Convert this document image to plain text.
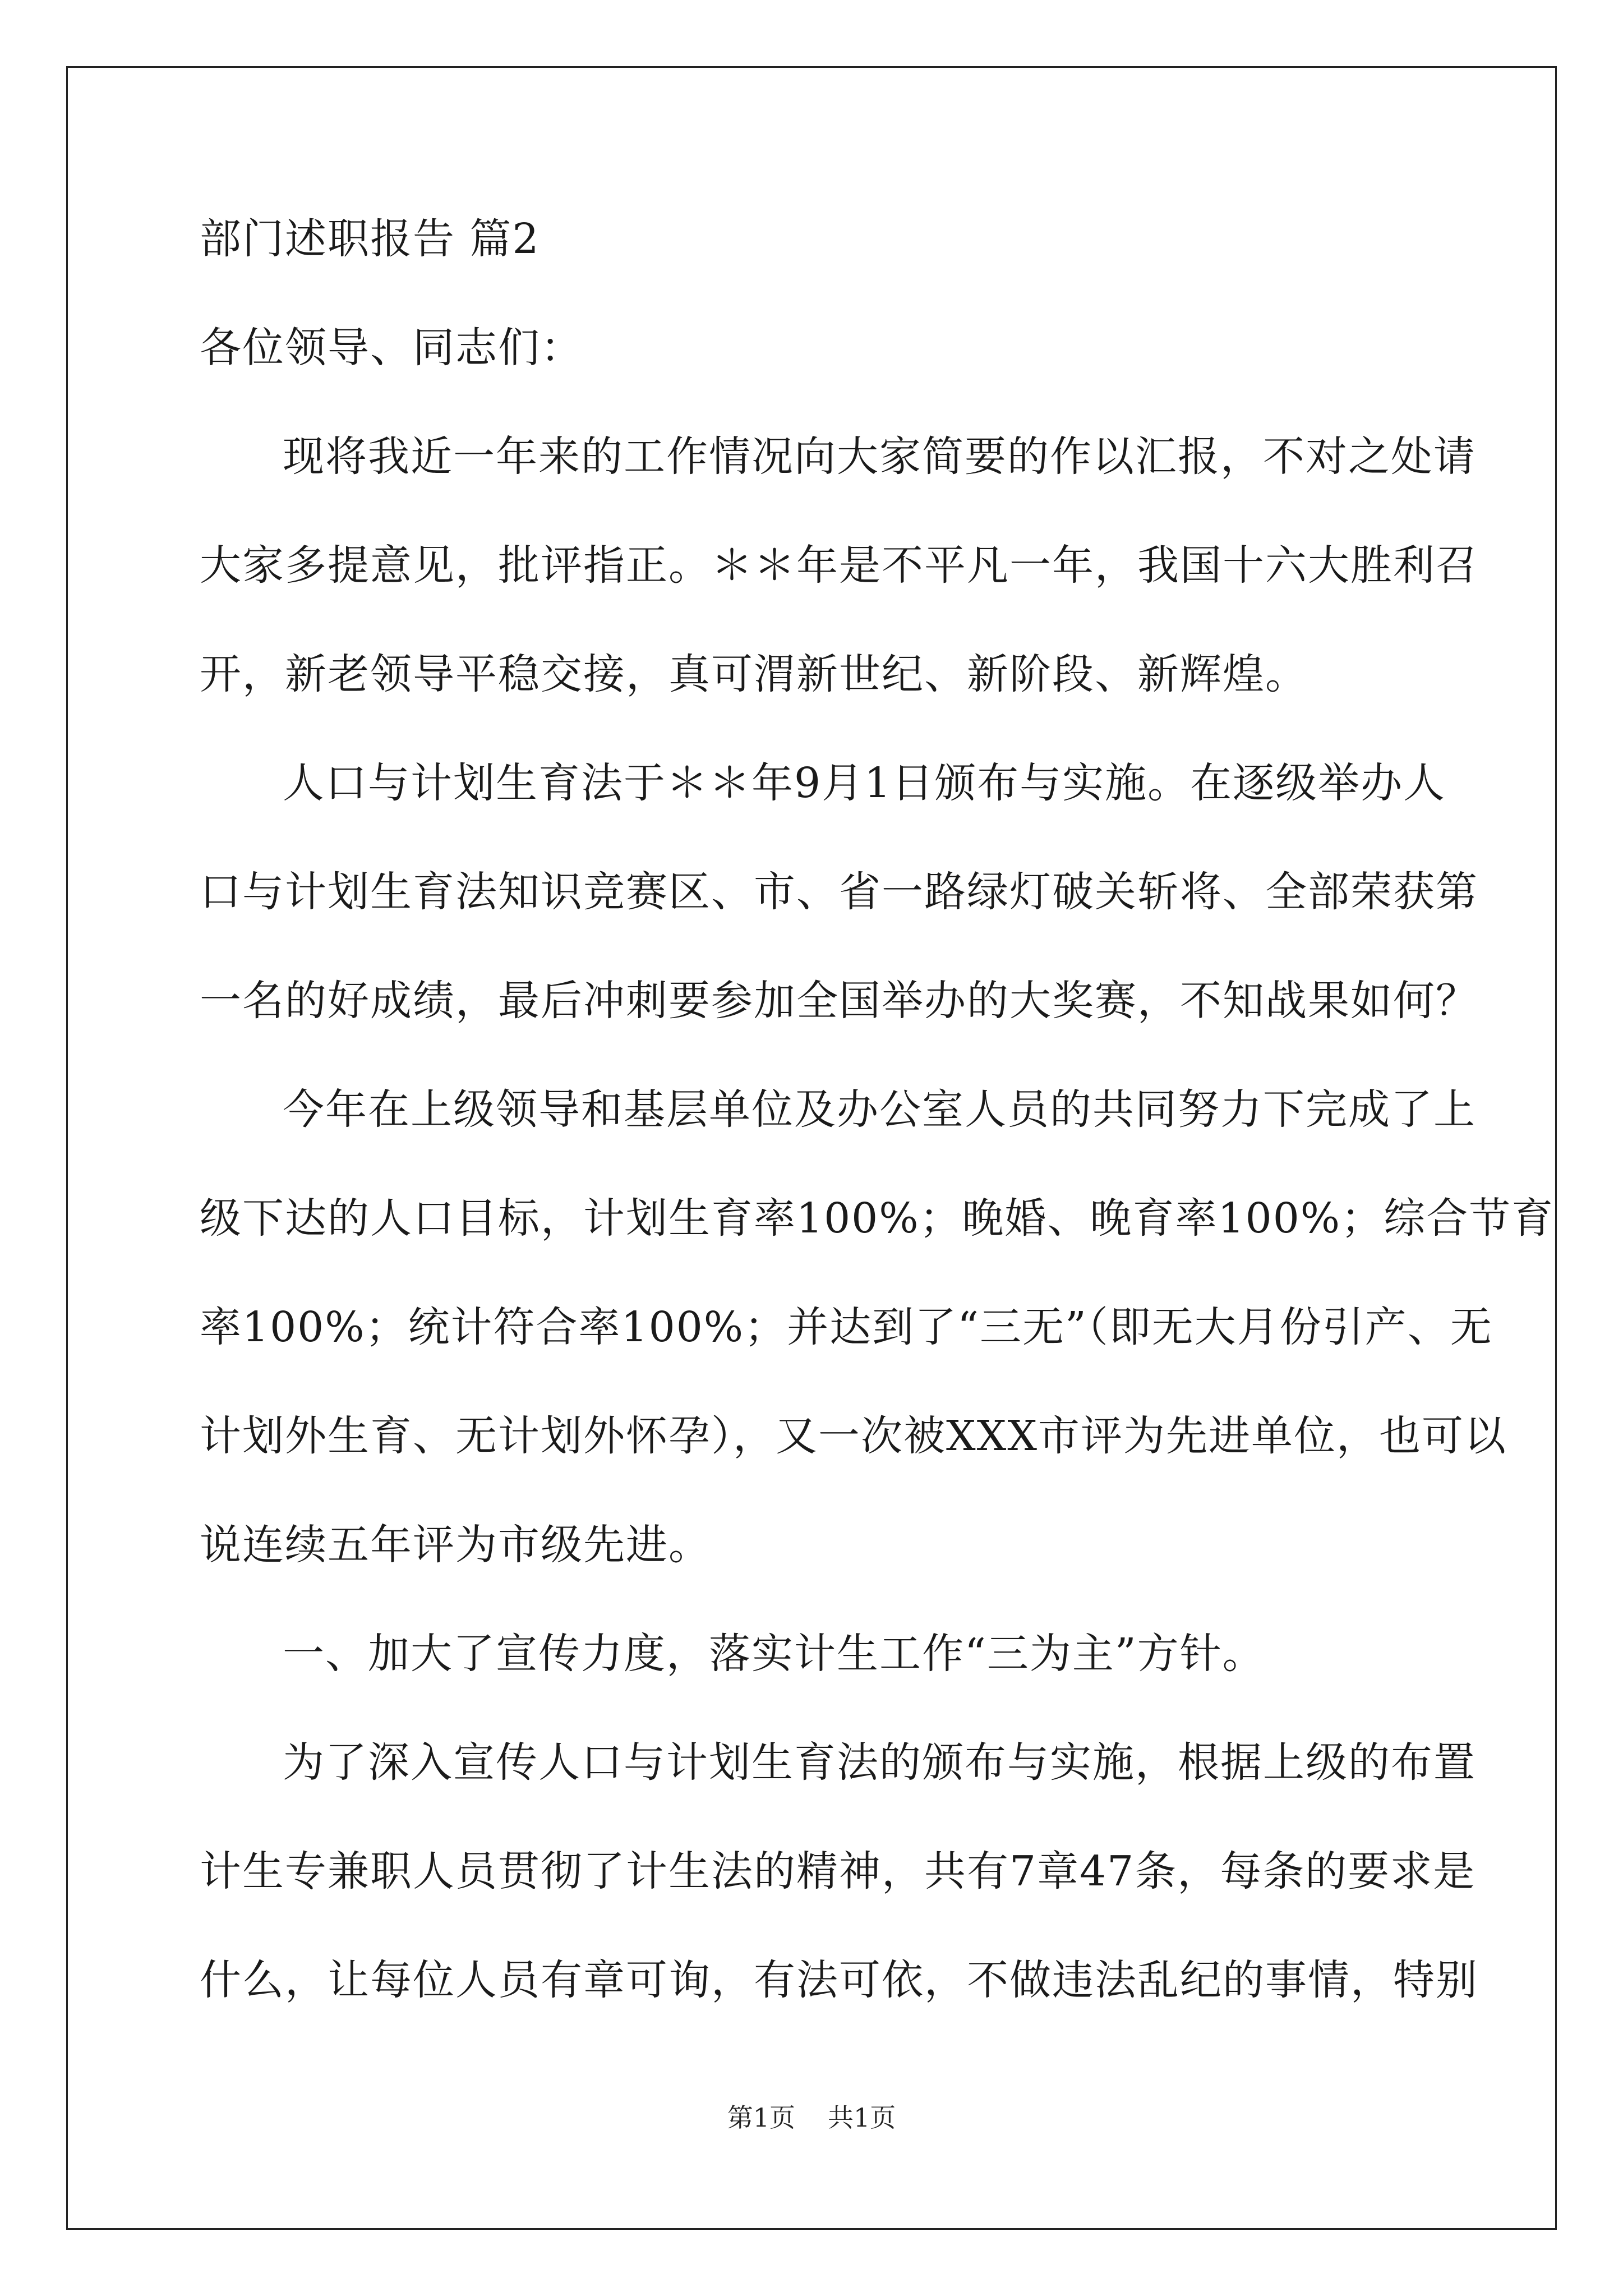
部门述职报告 篇2
各位领导、同志们：
现将我近一年来的工作情况向大家简要的作以汇报，不对之处请
大家多提意见，批评指正。＊＊年是不平凡一年，我国十六大胜利召
开，新老领导平稳交接，真可渭新世纪、新阶段、新辉煌。
人口与计划生育法于＊＊年9月1日颁布与实施。在逐级举办人
口与计划生育法知识竞赛区、市、省一路绿灯破关斩将、全部荣获第
一名的好成绩，最后冲刺要参加全国举办的大奖赛，不知战果如何？
今年在上级领导和基层单位及办公室人员的共同努力下完成了上
级下达的人口目标，计划生育率100%；晚婚、晚育率100%；综合节育
率100%；统计符合率100%；并达到了“三无”（即无大月份引产、无
计划外生育、无计划外怀孕），又一次被XXX市评为先进单位，也可以
说连续五年评为市级先进。
一、加大了宣传力度，落实计生工作“三为主”方针。
为了深入宣传人口与计划生育法的颁布与实施，根据上级的布置
计生专兼职人员贯彻了计生法的精神，共有7章47条，每条的要求是
什么，让每位人员有章可询，有法可依，不做违法乱纪的事情，特别
第1页 共1页
